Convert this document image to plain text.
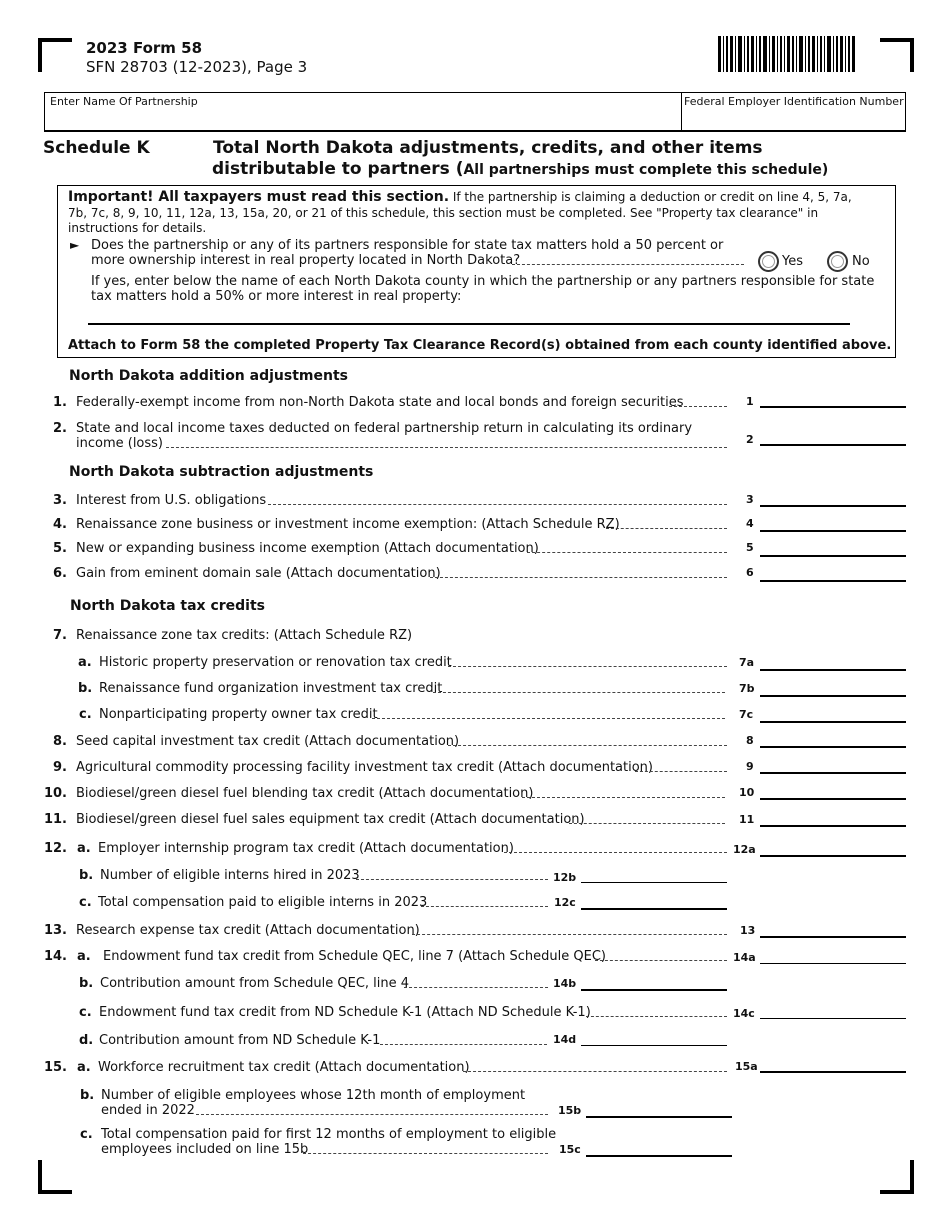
2023 Form 58
SFN 28703 (12-2023), Page 3
Enter Name Of Partnership	Federal Employer Identification Number
Schedule K	Total North Dakota adjustments, credits, and other items
distributable to partners (All partnerships must complete this schedule)
Important! All taxpayers must read this section. If the partnership is claiming a deduction or credit on line 4, 5, 7a,
7b, 7c, 8, 9, 10, 11, 12a, 13, 15a, 20, or 21 of this schedule, this section must be completed. See "Property tax clearance" in
instructions for details.
► Does the partnership or any of its partners responsible for state tax matters hold a 50 percent or
more ownership interest in real property located in North Dakota?	Yes	No
If yes, enter below the name of each North Dakota county in which the partnership or any partners responsible for state
tax matters hold a 50% or more interest in real property:
Attach to Form 58 the completed Property Tax Clearance Record(s) obtained from each county identified above.
North Dakota addition adjustments
North Dakota subtraction adjustments
North Dakota tax credits
1. Federally-exempt income from non-North Dakota state and local bonds and foreign securities	1
2. State and local income taxes deducted on federal partnership return in calculating its ordinary
income (loss)	2
3. Interest from U.S. obligations	3
4. Renaissance zone business or investment income exemption: (Attach Schedule RZ)	4
5. New or expanding business income exemption (Attach documentation)	5
6. Gain from eminent domain sale (Attach documentation)	6
7. Renaissance zone tax credits: (Attach Schedule RZ)
a. Historic property preservation or renovation tax credit	7a
b. Renaissance fund organization investment tax credit	7b
c. Nonparticipating property owner tax credit	7c
8. Seed capital investment tax credit (Attach documentation)	8
9. Agricultural commodity processing facility investment tax credit (Attach documentation)	9
10. Biodiesel/green diesel fuel blending tax credit (Attach documentation)	10
11. Biodiesel/green diesel fuel sales equipment tax credit (Attach documentation)	11
12. a. Employer internship program tax credit (Attach documentation)	12a
b. Number of eligible interns hired in 2023	12b
c. Total compensation paid to eligible interns in 2023	12c
13. Research expense tax credit (Attach documentation)	13
14. a. Endowment fund tax credit from Schedule QEC, line 7 (Attach Schedule QEC)	14a
b. Contribution amount from Schedule QEC, line 4	14b
c. Endowment fund tax credit from ND Schedule K-1 (Attach ND Schedule K-1)	14c
d. Contribution amount from ND Schedule K-1	14d
15. a. Workforce recruitment tax credit (Attach documentation)	15a
b. Number of eligible employees whose 12th month of employment
ended in 2022	15b
c. Total compensation paid for first 12 months of employment to eligible
employees included on line 15b	15c
